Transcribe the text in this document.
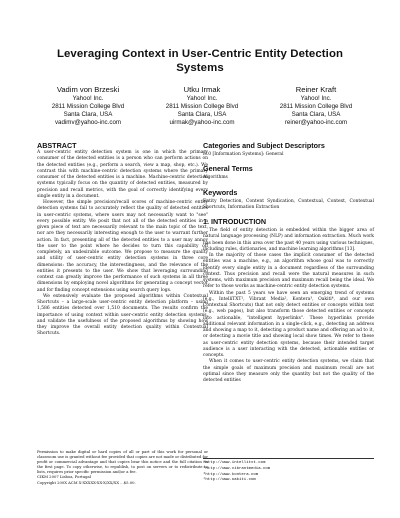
Leveraging Context in User-Centric Entity Detection
Systems
Vadim von Brzeski
Yahoo! Inc.
2811 Mission College Blvd
Santa Clara, USA
vadimv@yahoo-inc.com
Utku Irmak
Yahoo! Inc.
2811 Mission College Blvd
Santa Clara, USA
uirmak@yahoo-inc.com
Reiner Kraft
Yahoo! Inc.
2811 Mission College Blvd
Santa Clara, USA
reiner@yahoo-inc.com
ABSTRACT

A user-centric entity detection system is one in which the primary consumer of the detected entities is a person who can perform actions on the detected entities (e.g., perform a search, view a map, shop, etc.). We contrast this with machine-centric detection systems where the primary consumer of the detected entities is a machine. Machine-centric detection systems typically focus on the quantity of detected entities, measured by precision and recall metrics, with the goal of correctly identifying every single entity in a document.

However, the simple precision/recall scores of machine-centric entity detection systems fail to accurately reflect the quality of detected entities in user-centric systems, where users may not necessarily want to "see" every possible entity. We posit that not all of the detected entities in a given piece of text are necessarily relevant to the main topic of the text, nor are they necessarily interesting enough to the user to warrant further action. In fact, presenting all of the detected entities to a user may annoy the user to the point where he decides to turn this capability off completely, an undesirable outcome. We propose to measure the quality and utility of user-centric entity detection systems in three core dimensions: the accuracy, the interestingness, and the relevance of the entities it presents to the user. We show that leveraging surrounding context can greatly improve the performance of such systems in all three dimensions by employing novel algorithms for generating a concept vector and for finding concept extensions using search query logs.

We extensively evaluate the proposed algorithms within Contextual Shortcuts – a large-scale user-centric entity detection platform – using 1,586 entities detected over 1,510 documents. The results confirm the importance of using context within user-centric entity detection systems, and validate the usefulness of the proposed algorithms by showing how they improve the overall entity detection quality within Contextual Shortcuts.

Permission to make digital or hard copies of all or part of this work for personal or classroom use is granted without fee provided that copies are not made or distributed for profit or commercial advantage and that copies bear this notice and the full citation on the first page. To copy otherwise, to republish, to post on servers or to redistribute to lists, requires prior specific permission and/or a fee.
CIKM 2007 Lisboa, Portugal
Copyright 200X ACM X-XXXXX-XX-X/XX/XX ...$5.00.
Categories and Subject Descriptors

H.0 [Information Systems]: General

General Terms

Algorithms

Keywords

Entity Detection, Content Syndication, Contextual, Context, Contextual Shortcuts, Information Extraction

1. INTRODUCTION

The field of entity detection is embedded within the bigger area of natural language processing (NLP) and information extraction. Much work has been done in this area over the past 40 years using various techniques, including rules, dictionaries, and machine learning algorithms [13].

In the majority of those cases the implicit consumer of the detected entities was a machine, e.g., an algorithm whose goal was to correctly identify every single entity in a document regardless of the surrounding context. Thus precision and recall were the natural measures in such systems, with maximum precision and maximum recall being the ideal. We refer to those works as machine-centric entity detection systems.

Within the past 5 years we have seen an emerging trend of systems (e.g., IntelliTXT¹, Vibrant Media², Kontera³, Oakiti⁴, and our own Contextual Shortcuts) that not only detect entities or concepts within text (e.g., web pages), but also transform those detected entities or concepts into actionable, "intelligent hyperlinks". These hyperlinks provide additional relevant information in a single-click, e.g., detecting an address and showing a map to it, detecting a product name and offering an ad to it, or detecting a movie title and showing local show times. We refer to these as user-centric entity detection systems, because their intended target audience is a user interacting with the detected, actionable entities or concepts.

When it comes to user-centric entity detection systems, we claim that the simple goals of maximum precision and maximum recall are not optimal since they measure only the quantity but not the quality of the detected entities

¹http://www.intellitxt.com
²http://www.vibrantmedia.com
³http://www.kontera.com
⁴http://www.oakiti.com
